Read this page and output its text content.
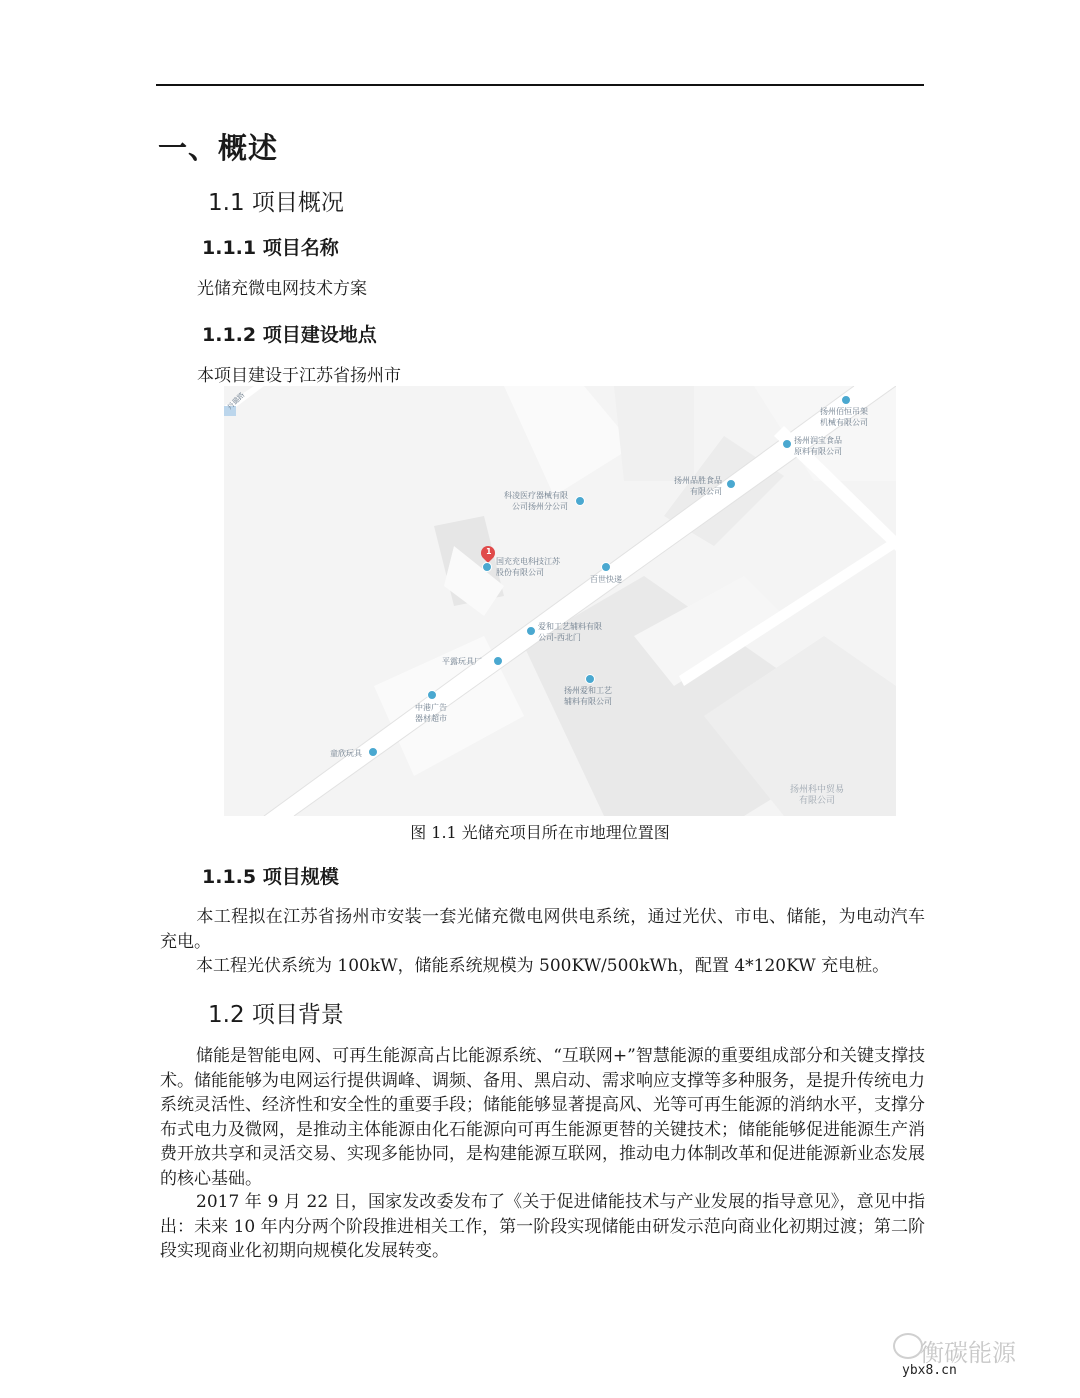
一、概述
1.1 项目概况
1.1.1 项目名称
光储充微电网技术方案
1.1.2 项目建设地点
本项目建设于江苏省扬州市
扬州佰恒吊架
机械有限公司
扬州润宝食品
原料有限公司
扬州品胜食品
有限公司
科凌医疗器械有限
公司扬州分公司
1
国充充电科技江苏
股份有限公司
百世快递
爱和工艺辅料有限
公司-西北门
平露玩具厂
扬州爱和工艺
辅料有限公司
中港广告
器材超市
童欣玩具
扬州科中贸易
有限公司
丹璐路
图 1.1 光储充项目所在市地理位置图
1.1.5 项目规模
本工程拟在江苏省扬州市安装一套光储充微电网供电系统，通过光伏、市电、储能，为电动汽车充电。
本工程光伏系统为 100kW，储能系统规模为 500KW/500kWh，配置 4*120KW 充电桩。
1.2 项目背景
储能是智能电网、可再生能源高占比能源系统、“互联网+”智慧能源的重要组成部分和关键支撑技术。储能能够为电网运行提供调峰、调频、备用、黑启动、需求响应支撑等多种服务，是提升传统电力系统灵活性、经济性和安全性的重要手段；储能能够显著提高风、光等可再生能源的消纳水平，支撑分布式电力及微网，是推动主体能源由化石能源向可再生能源更替的关键技术；储能能够促进能源生产消费开放共享和灵活交易、实现多能协同，是构建能源互联网，推动电力体制改革和促进能源新业态发展的核心基础。
2017 年 9 月 22 日，国家发改委发布了《关于促进储能技术与产业发展的指导意见》，意见中指出：未来 10 年内分两个阶段推进相关工作，第一阶段实现储能由研发示范向商业化初期过渡；第二阶段实现商业化初期向规模化发展转变。
衡碳能源
ybx8.cn
